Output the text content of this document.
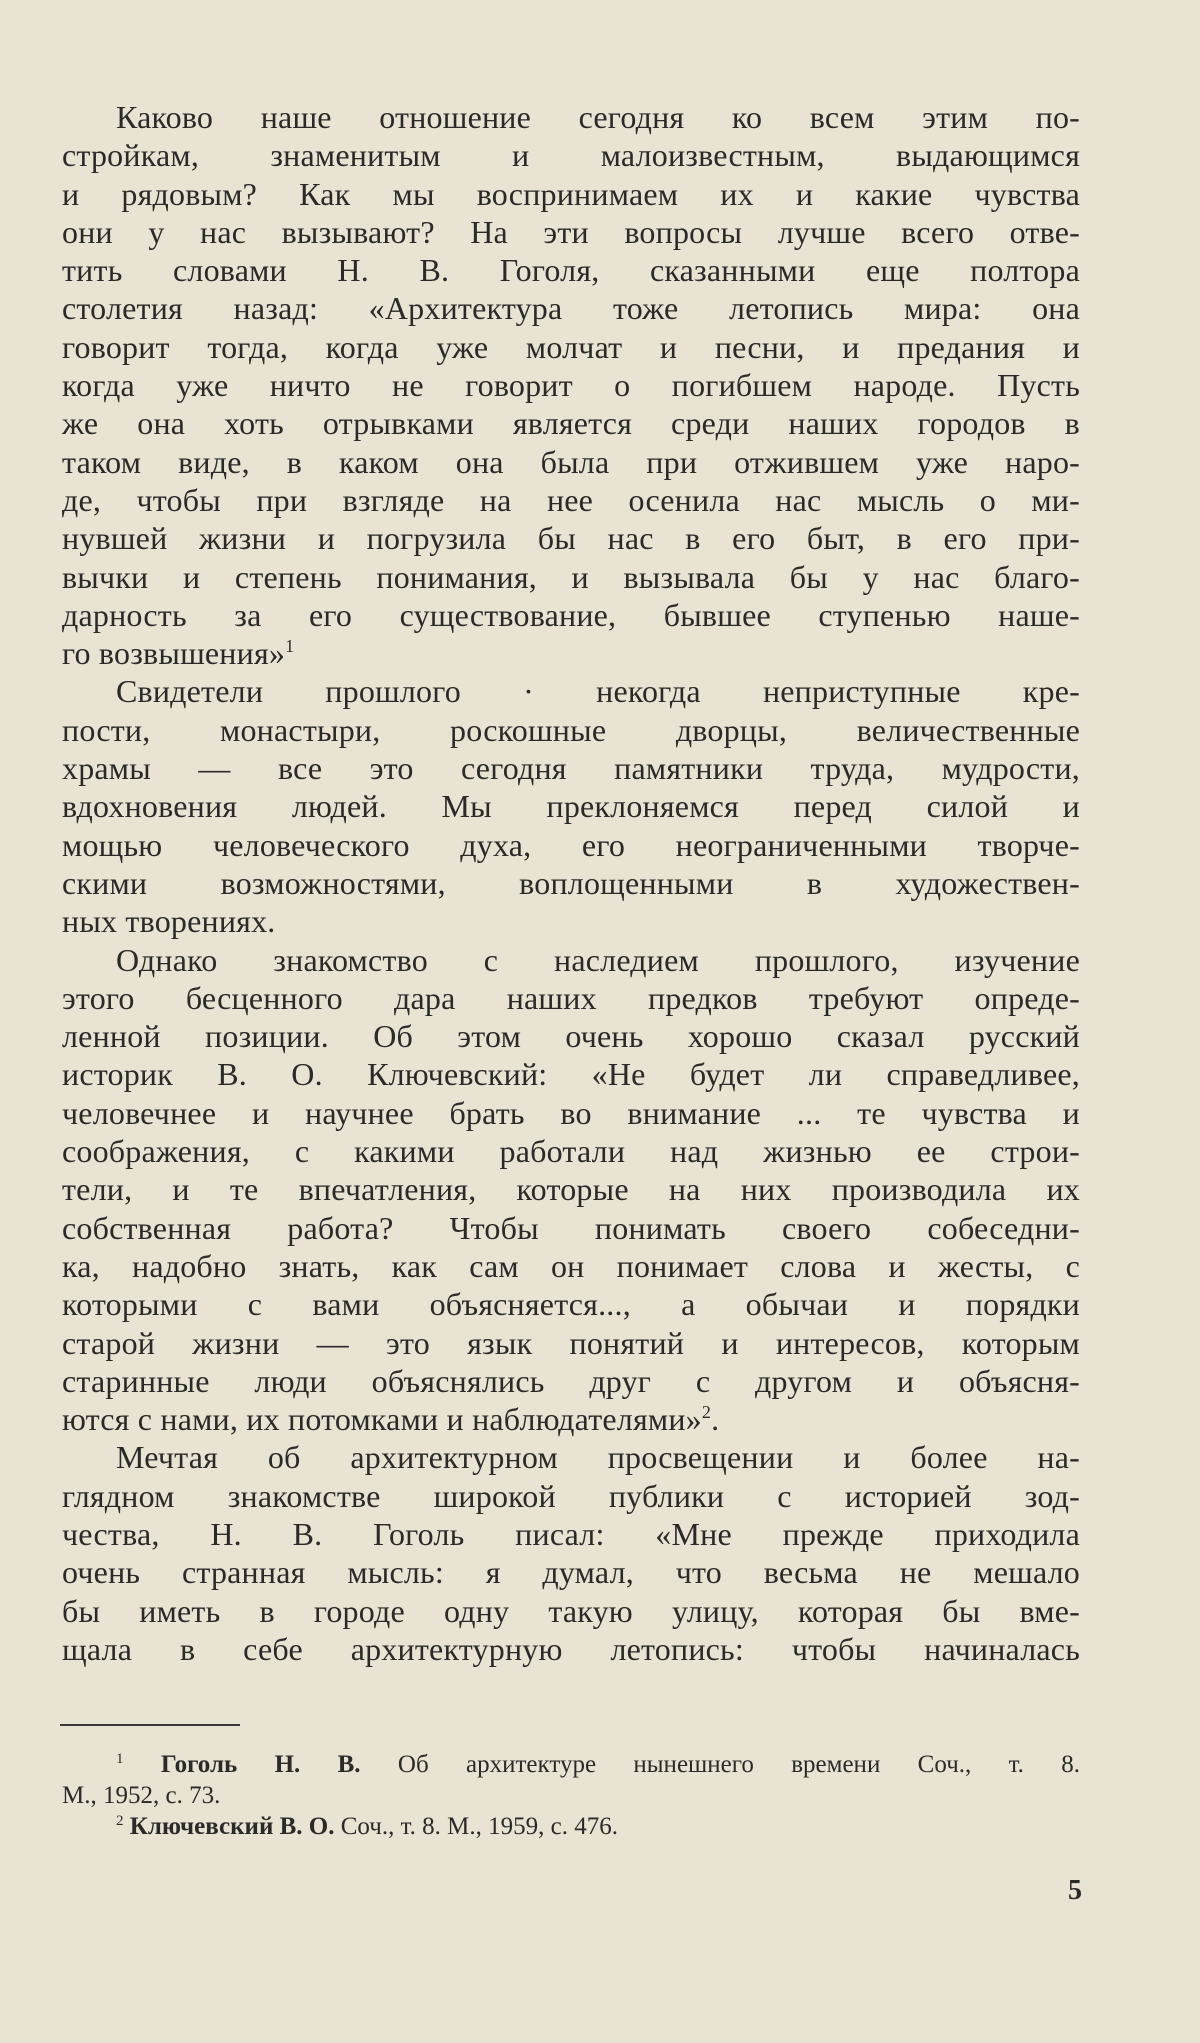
Каково наше отношение сегодня ко всем этим по-
стройкам, знаменитым и малоизвестным, выдающимся
и рядовым? Как мы воспринимаем их и какие чувства
они у нас вызывают? На эти вопросы лучше всего отве-
тить словами Н. В. Гоголя, сказанными еще полтора
столетия назад: «Архитектура тоже летопись мира: она
говорит тогда, когда уже молчат и песни, и предания и
когда уже ничто не говорит о погибшем народе. Пусть
же она хоть отрывками является среди наших городов в
таком виде, в каком она была при отжившем уже наро-
де, чтобы при взгляде на нее осенила нас мысль о ми-
нувшей жизни и погрузила бы нас в его быт, в его при-
вычки и степень понимания, и вызывала бы у нас благо-
дарность за его существование, бывшее ступенью наше-
го возвышения»$^1$
Свидетели прошлого · некогда неприступные кре-
пости, монастыри, роскошные дворцы, величественные
храмы — все это сегодня памятники труда, мудрости,
вдохновения людей. Мы преклоняемся перед силой и
мощью человеческого духа, его неограниченными творче-
скими возможностями, воплощенными в художествен-
ных творениях.
Однако знакомство с наследием прошлого, изучение
этого бесценного дара наших предков требуют опреде-
ленной позиции. Об этом очень хорошо сказал русский
историк В. О. Ключевский: «Не будет ли справедливее,
человечнее и научнее брать во внимание ... те чувства и
соображения, с какими работали над жизнью ее строи-
тели, и те впечатления, которые на них производила их
собственная работа? Чтобы понимать своего собеседни-
ка, надобно знать, как сам он понимает слова и жесты, с
которыми с вами объясняется..., а обычаи и порядки
старой жизни — это язык понятий и интересов, которым
старинные люди объяснялись друг с другом и объясня-
ются с нами, их потомками и наблюдателями»$^2$.
Мечтая об архитектурном просвещении и более на-
глядном знакомстве широкой публики с историей зод-
чества, Н. В. Гоголь писал: «Мне прежде приходила
очень странная мысль: я думал, что весьма не мешало
бы иметь в городе одну такую улицу, которая бы вме-
щала в себе архитектурную летопись: чтобы начиналась
$^1$ Гоголь Н. В. Об архитектуре нынешнего времени Соч., т. 8.
М., 1952, с. 73.
$^2$ Ключевский В. О. Соч., т. 8. М., 1959, с. 476.
5
